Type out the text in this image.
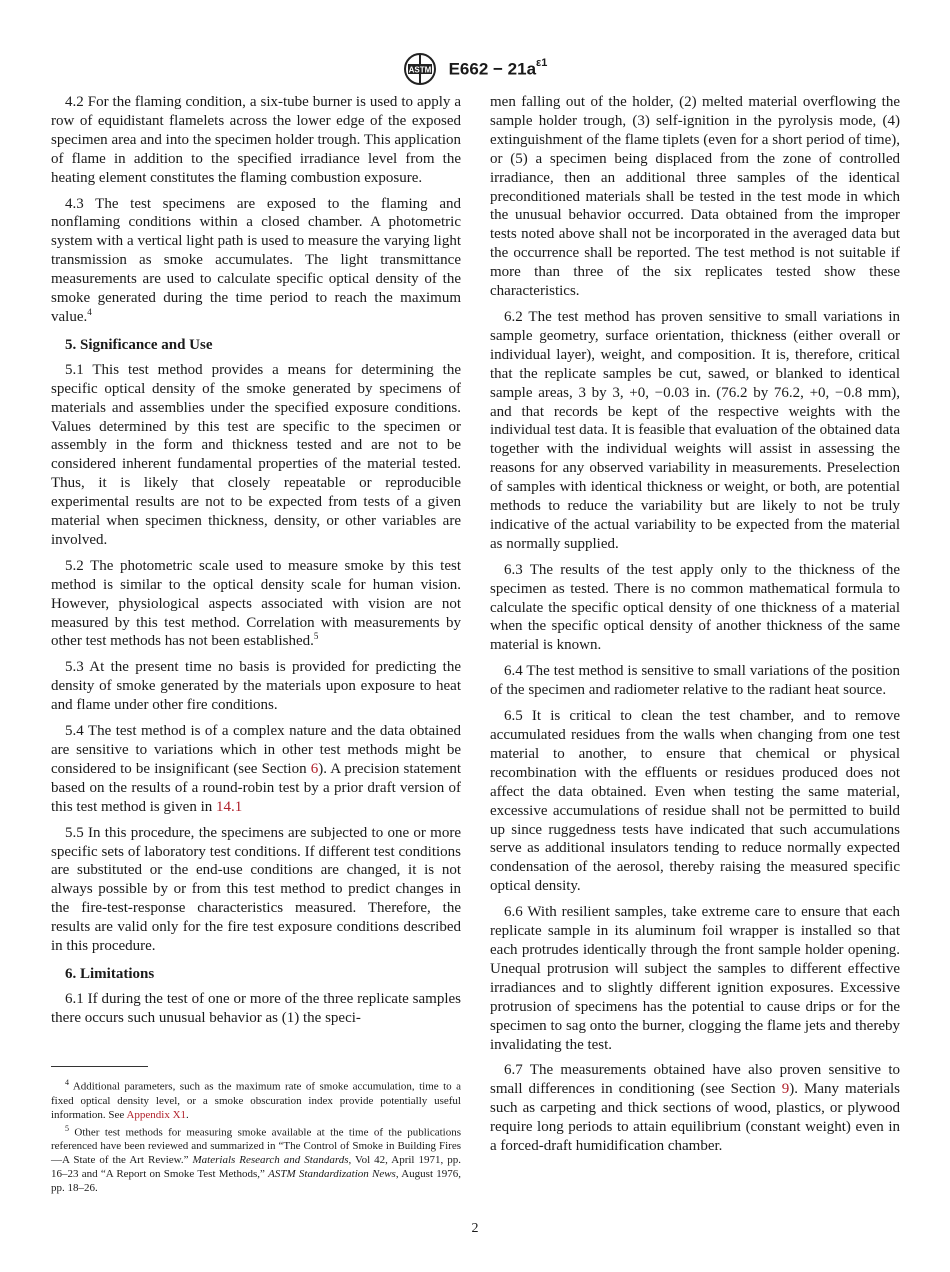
ASTM $E662 - 21a^{\varepsilon 1}$

4.2 For the flaming condition, a six-tube burner is used to apply a row of equidistant flamelets across the lower edge of the exposed specimen area and into the specimen holder trough. This application of flame in addition to the specified irradiance level from the heating element constitutes the flaming combustion exposure.

4.3 The test specimens are exposed to the flaming and nonflaming conditions within a closed chamber. A photometric system with a vertical light path is used to measure the varying light transmission as smoke accumulates. The light transmittance measurements are used to calculate specific optical density of the smoke generated during the time period to reach the maximum value.$^4$

5. Significance and Use

5.1 This test method provides a means for determining the specific optical density of the smoke generated by specimens of materials and assemblies under the specified exposure conditions. Values determined by this test are specific to the specimen or assembly in the form and thickness tested and are not to be considered inherent fundamental properties of the material tested. Thus, it is likely that closely repeatable or reproducible experimental results are not to be expected from tests of a given material when specimen thickness, density, or other variables are involved.

5.2 The photometric scale used to measure smoke by this test method is similar to the optical density scale for human vision. However, physiological aspects associated with vision are not measured by this test method. Correlation with measurements by other test methods has not been established.$^5$

5.3 At the present time no basis is provided for predicting the density of smoke generated by the materials upon exposure to heat and flame under other fire conditions.

5.4 The test method is of a complex nature and the data obtained are sensitive to variations which in other test methods might be considered to be insignificant (see Section 6). A precision statement based on the results of a round-robin test by a prior draft version of this test method is given in 14.1

5.5 In this procedure, the specimens are subjected to one or more specific sets of laboratory test conditions. If different test conditions are substituted or the end-use conditions are changed, it is not always possible by or from this test method to predict changes in the fire-test-response characteristics measured. Therefore, the results are valid only for the fire test exposure conditions described in this procedure.

6. Limitations

6.1 If during the test of one or more of the three replicate samples there occurs such unusual behavior as (1) the speci-

$^4$ Additional parameters, such as the maximum rate of smoke accumulation, time to a fixed optical density level, or a smoke obscuration index provide potentially useful information. See Appendix X1.

$^5$ Other test methods for measuring smoke available at the time of the publications referenced have been reviewed and summarized in “The Control of Smoke in Building Fires—A State of the Art Review.” Materials Research and Standards, Vol 42, April 1971, pp. 16–23 and “A Report on Smoke Test Methods,” ASTM Standardization News, August 1976, pp. 18–26.

men falling out of the holder, (2) melted material overflowing the sample holder trough, (3) self-ignition in the pyrolysis mode, (4) extinguishment of the flame tiplets (even for a short period of time), or (5) a specimen being displaced from the zone of controlled irradiance, then an additional three samples of the identical preconditioned materials shall be tested in the test mode in which the unusual behavior occurred. Data obtained from the improper tests noted above shall not be incorporated in the averaged data but the occurrence shall be reported. The test method is not suitable if more than three of the six replicates tested show these characteristics.

6.2 The test method has proven sensitive to small variations in sample geometry, surface orientation, thickness (either overall or individual layer), weight, and composition. It is, therefore, critical that the replicate samples be cut, sawed, or blanked to identical sample areas, 3 by 3, +0, −0.03 in. (76.2 by 76.2, +0, −0.8 mm), and that records be kept of the respective weights with the individual test data. It is feasible that evaluation of the obtained data together with the individual weights will assist in assessing the reasons for any observed variability in measurements. Preselection of samples with identical thickness or weight, or both, are potential methods to reduce the variability but are likely to not be truly indicative of the actual variability to be expected from the material as normally supplied.

6.3 The results of the test apply only to the thickness of the specimen as tested. There is no common mathematical formula to calculate the specific optical density of one thickness of a material when the specific optical density of another thickness of the same material is known.

6.4 The test method is sensitive to small variations of the position of the specimen and radiometer relative to the radiant heat source.

6.5 It is critical to clean the test chamber, and to remove accumulated residues from the walls when changing from one test material to another, to ensure that chemical or physical recombination with the effluents or residues produced does not affect the data obtained. Even when testing the same material, excessive accumulations of residue shall not be permitted to build up since ruggedness tests have indicated that such accumulations serve as additional insulators tending to reduce normally expected condensation of the aerosol, thereby raising the measured specific optical density.

6.6 With resilient samples, take extreme care to ensure that each replicate sample in its aluminum foil wrapper is installed so that each protrudes identically through the front sample holder opening. Unequal protrusion will subject the samples to different effective irradiances and to slightly different ignition exposures. Excessive protrusion of specimens has the potential to cause drips or for the specimen to sag onto the burner, clogging the flame jets and thereby invalidating the test.

6.7 The measurements obtained have also proven sensitive to small differences in conditioning (see Section 9). Many materials such as carpeting and thick sections of wood, plastics, or plywood require long periods to attain equilibrium (constant weight) even in a forced-draft humidification chamber.

2
